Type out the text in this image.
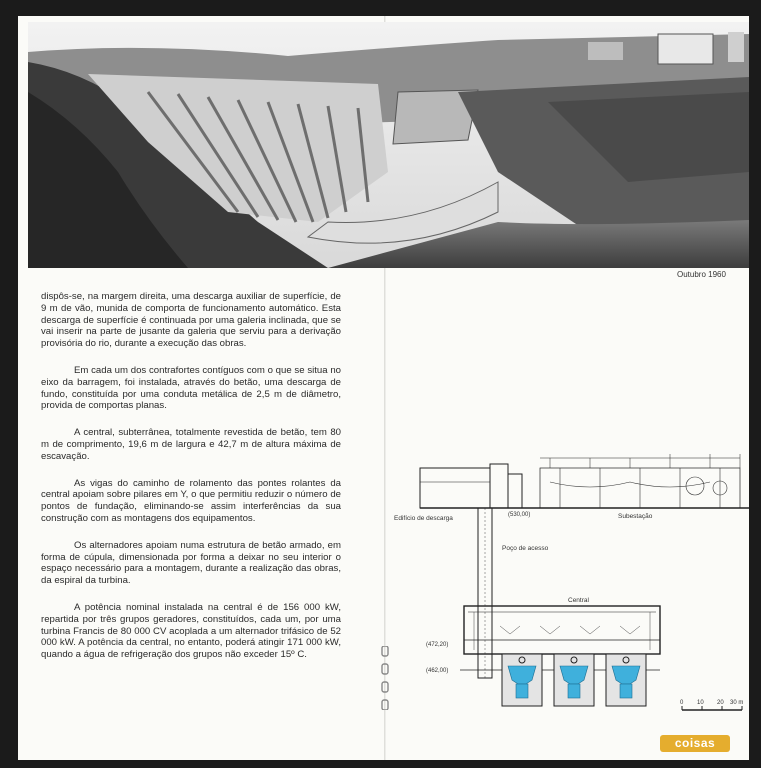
Outubro 1960

dispôs-se, na margem direita, uma descarga auxiliar de superfície, de 9 m de vão, munida de comporta de funcionamento automático. Esta descarga de superfície é continuada por uma galeria inclinada, que se vai inserir na parte de jusante da galeria que serviu para a derivação provisória do rio, durante a execução das obras.

Em cada um dos contrafortes contíguos com o que se situa no eixo da barragem, foi instalada, através do betão, uma descarga de fundo, constituída por uma conduta metálica de 2,5 m de diâmetro, provida de comportas planas.

A central, subterrânea, totalmente revestida de betão, tem 80 m de comprimento, 19,6 m de largura e 42,7 m de altura máxima de escavação.

As vigas do caminho de rolamento das pontes rolantes da central apoiam sobre pilares em Y, o que permitiu reduzir o número de pontos de fundação, eliminando-se assim interferências da sua construção com as montagens dos equipamentos.

Os alternadores apoiam numa estrutura de betão armado, em forma de cúpula, dimensionada por forma a deixar no seu interior o espaço necessário para a montagem, durante a realização das obras, da espiral da turbina.

A potência nominal instalada na central é de 156 000 kW, repartida por três grupos geradores, constituídos, cada um, por uma turbina Francis de 80 000 CV acoplada a um alternador trifásico de 52 000 kW. A potência da central, no entanto, poderá atingir 171 000 kW, quando a água de refrigeração dos grupos não exceder 15º C.

(530,00)
Edifício de descarga	Subestação
Poço de acesso
Central
(472,20)
(462,00)
0 10 20 30 m
coisas
